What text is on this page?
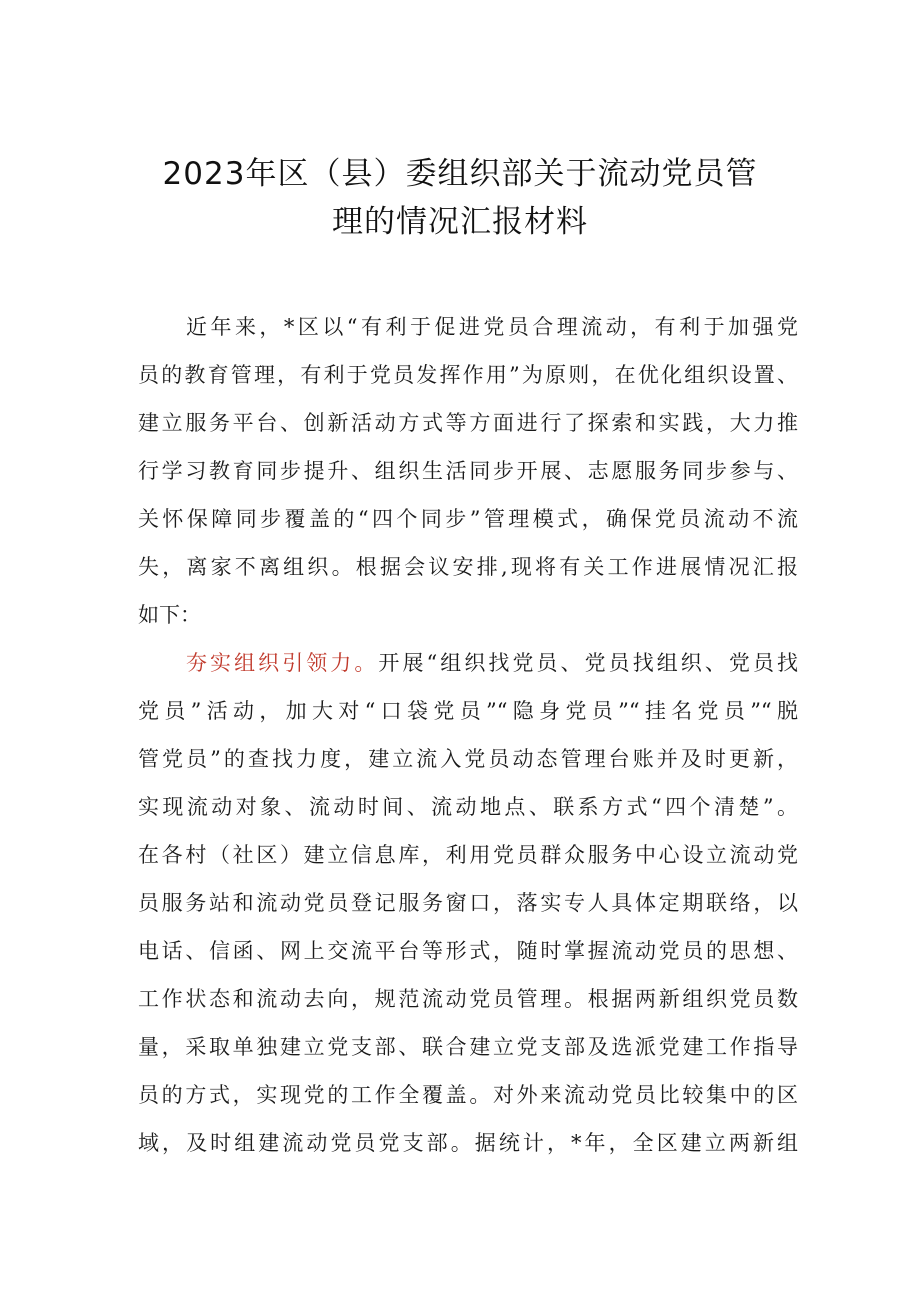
2023年区（县）委组织部关于流动党员管
理的情况汇报材料
近年来，*区以“有利于促进党员合理流动，有利于加强党
员的教育管理，有利于党员发挥作用”为原则，在优化组织设置、
建立服务平台、创新活动方式等方面进行了探索和实践，大力推
行学习教育同步提升、组织生活同步开展、志愿服务同步参与、
关怀保障同步覆盖的“四个同步”管理模式，确保党员流动不流
失，离家不离组织。根据会议安排,现将有关工作进展情况汇报
如下：
夯实组织引领力。开展“组织找党员、党员找组织、党员找
党员”活动，加大对“口袋党员”“隐身党员”“挂名党员”“脱
管党员”的查找力度，建立流入党员动态管理台账并及时更新，
实现流动对象、流动时间、流动地点、联系方式“四个清楚”。
在各村（社区）建立信息库，利用党员群众服务中心设立流动党
员服务站和流动党员登记服务窗口，落实专人具体定期联络，以
电话、信函、网上交流平台等形式，随时掌握流动党员的思想、
工作状态和流动去向，规范流动党员管理。根据两新组织党员数
量，采取单独建立党支部、联合建立党支部及选派党建工作指导
员的方式，实现党的工作全覆盖。对外来流动党员比较集中的区
域，及时组建流动党员党支部。据统计，*年，全区建立两新组
